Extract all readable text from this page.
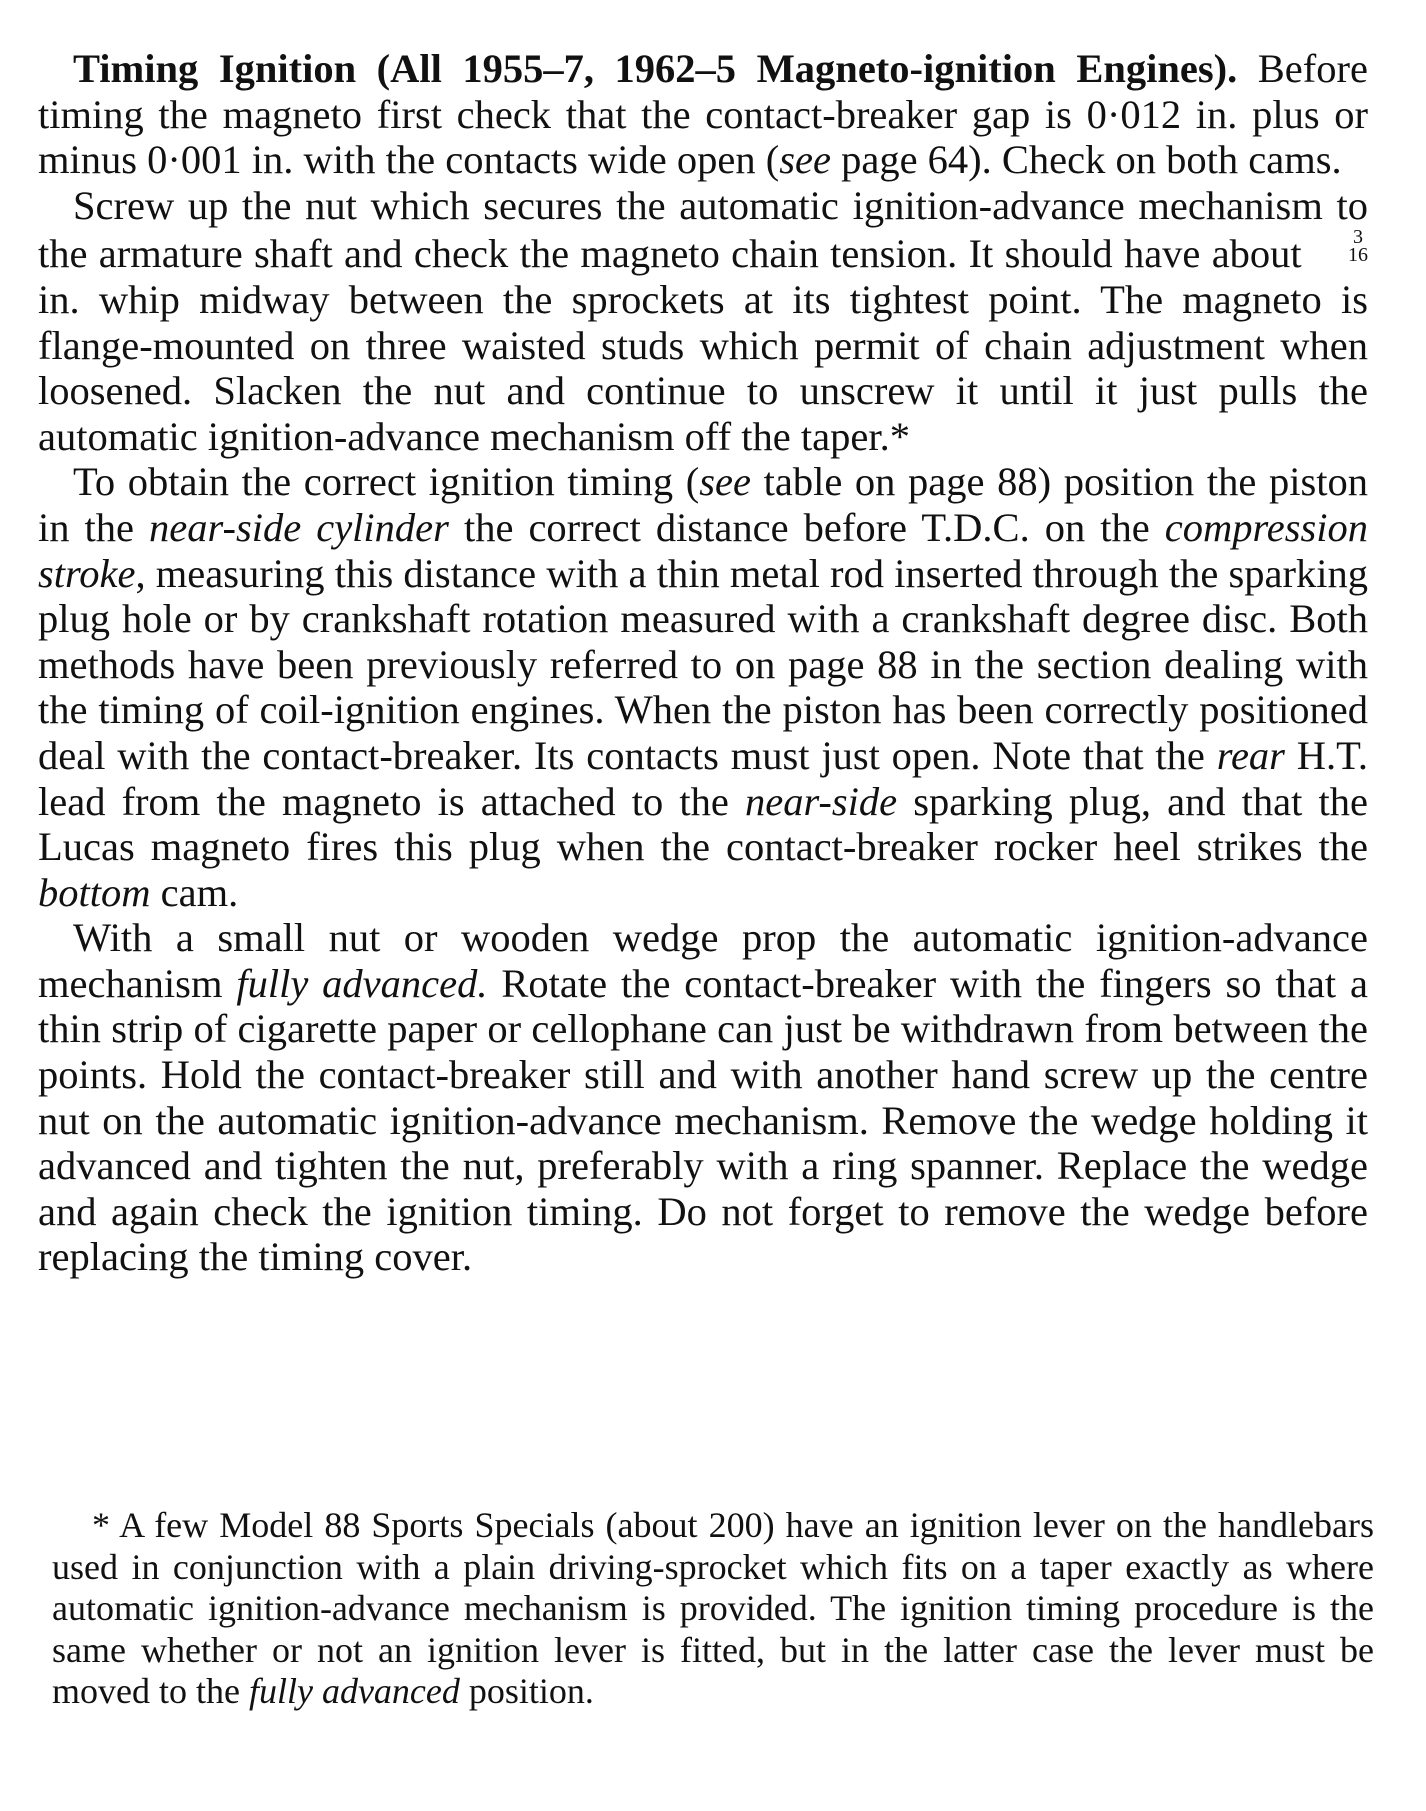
Timing Ignition (All 1955–7, 1962–5 Magneto-ignition Engines). Before timing the magneto first check that the contact-breaker gap is 0·012 in. plus or minus 0·001 in. with the contacts wide open (see page 64). Check on both cams.

Screw up the nut which secures the automatic ignition-advance mechanism to the armature shaft and check the magneto chain tension. It should have about	3
16
in. whip midway between the sprockets at its tightest point. The magneto is flange-mounted on three waisted studs which permit of chain adjustment when loosened. Slacken the nut and continue to unscrew it until it just pulls the automatic ignition-advance mechanism off the taper.*

To obtain the correct ignition timing (see table on page 88) position the piston in the near-side cylinder the correct distance before T.D.C. on the compression stroke, measuring this distance with a thin metal rod inserted through the sparking plug hole or by crankshaft rotation measured with a crankshaft degree disc. Both methods have been previously referred to on page 88 in the section dealing with the timing of coil-ignition engines. When the piston has been correctly positioned deal with the contact-breaker. Its contacts must just open. Note that the rear H.T. lead from the magneto is attached to the near-side sparking plug, and that the Lucas magneto fires this plug when the contact-breaker rocker heel strikes the bottom cam.

With a small nut or wooden wedge prop the automatic ignition-advance mechanism fully advanced. Rotate the contact-breaker with the fingers so that a thin strip of cigarette paper or cellophane can just be withdrawn from between the points. Hold the contact-breaker still and with another hand screw up the centre nut on the automatic ignition-advance mechanism. Remove the wedge holding it advanced and tighten the nut, preferably with a ring spanner. Replace the wedge and again check the ignition timing. Do not forget to remove the wedge before replacing the timing cover.

* A few Model 88 Sports Specials (about 200) have an ignition lever on the handlebars used in conjunction with a plain driving-sprocket which fits on a taper exactly as where automatic ignition-advance mechanism is provided. The ignition timing procedure is the same whether or not an ignition lever is fitted, but in the latter case the lever must be moved to the fully advanced position.
